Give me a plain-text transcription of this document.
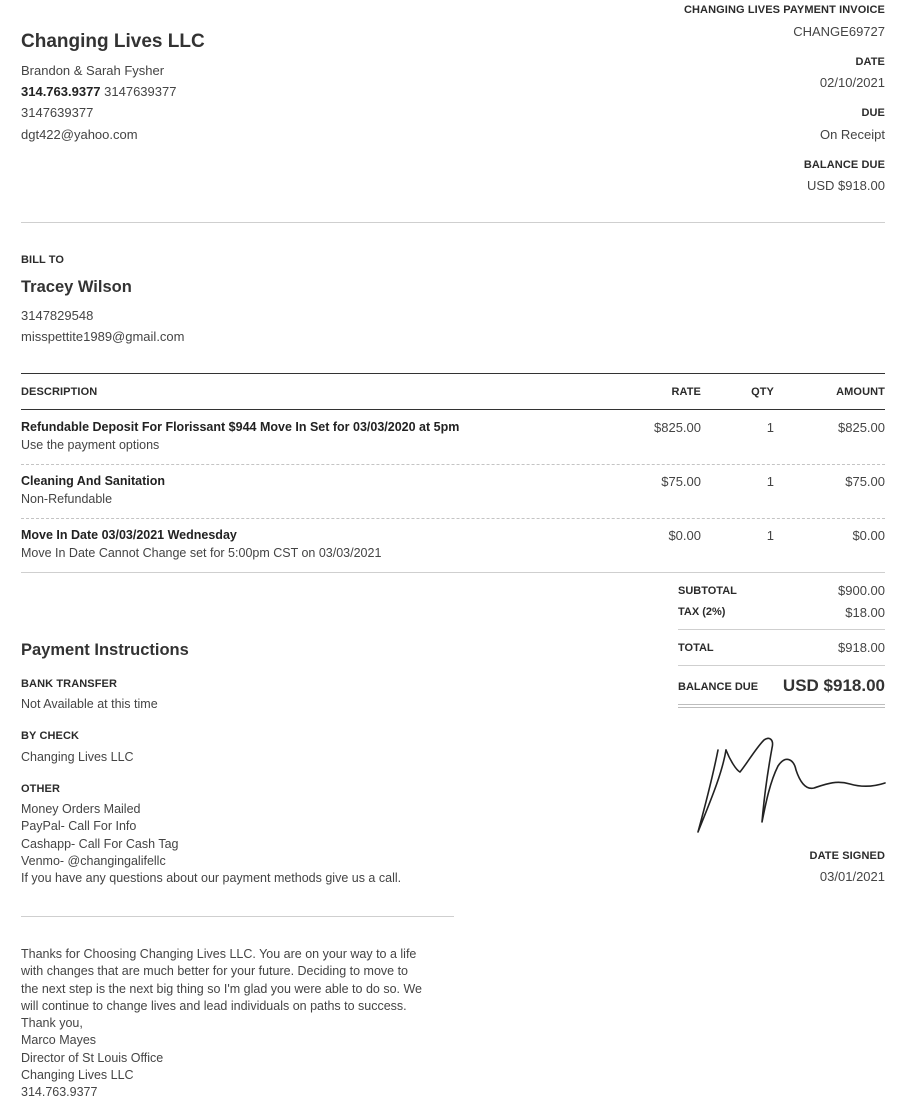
Changing Lives LLC
Brandon & Sarah Fysher
314.763.9377 3147639377
3147639377
dgt422@yahoo.com
CHANGING LIVES PAYMENT INVOICE
CHANGE69727
DATE
02/10/2021
DUE
On Receipt
BALANCE DUE
USD $918.00
BILL TO
Tracey Wilson
3147829548
misspettite1989@gmail.com
DESCRIPTION	RATE	QTY	AMOUNT
Refundable Deposit For Florissant $944 Move In Set for 03/03/2020 at 5pm
Use the payment options
$825.00	1	$825.00
Cleaning And Sanitation
Non-Refundable
$75.00	1	$75.00
Move In Date 03/03/2021 Wednesday
Move In Date Cannot Change set for 5:00pm CST on 03/03/2021
$0.00	1	$0.00
SUBTOTAL	$900.00
TAX (2%)	$18.00
TOTAL	$918.00
BALANCE DUE USD $918.00
DATE SIGNED
03/01/2021
Payment Instructions
BANK TRANSFER
Not Available at this time
BY CHECK
Changing Lives LLC
OTHER
Money Orders Mailed
PayPal- Call For Info
Cashapp- Call For Cash Tag
Venmo- @changingalifellc
If you have any questions about our payment methods give us a call.
Thanks for Choosing Changing Lives LLC. You are on your way to a life
with changes that are much better for your future. Deciding to move to
the next step is the next big thing so I'm glad you were able to do so. We
will continue to change lives and lead individuals on paths to success.
Thank you,
Marco Mayes
Director of St Louis Office
Changing Lives LLC
314.763.9377
